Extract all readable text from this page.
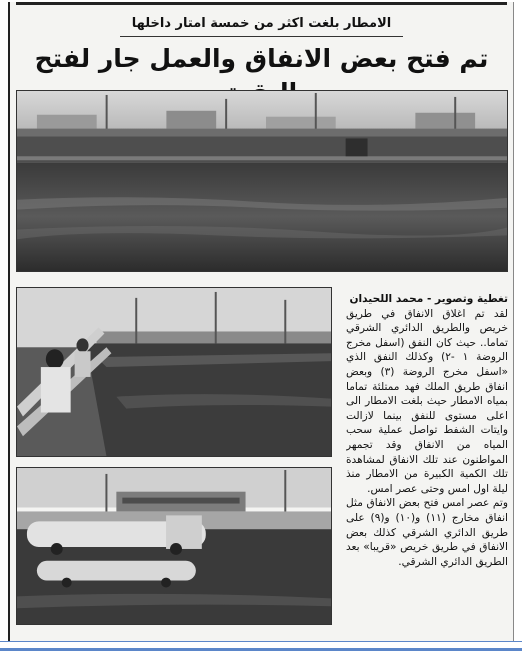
الامطار بلغت اكثر من خمسة امتار داخلها
تم فتح بعض الانفاق والعمل جار لفتح

تغطية وتصوير - محمد اللحيدان

لقد تم اغلاق الانفاق في طريق خريص والطريق الدائري الشرقي تماما.. حيث كان النفق (اسفل مخرج الروضة ١ -٢) وكذلك النفق الذي «اسفل مخرج الروضة (٣) وبعض انفاق طريق الملك فهد ممتلئة تماما بمياه الامطار حيث بلغت الامطار الى اعلى مستوى للنفق بينما لازالت وايتات الشفط تواصل عملية سحب المياه من الانفاق وقد تجمهر المواطنون عند تلك الانفاق لمشاهدة تلك الكمية الكبيرة من الامطار منذ ليلة اول امس وحتى عصر امس.

وتم عصر امس فتح بعض الانفاق مثل انفاق مخارج (١١) و(١٠) و(٩) على طريق الدائري الشرقي كذلك بعض الانفاق في طريق خريص «قريبا» بعد الطريق الدائري الشرقي.
